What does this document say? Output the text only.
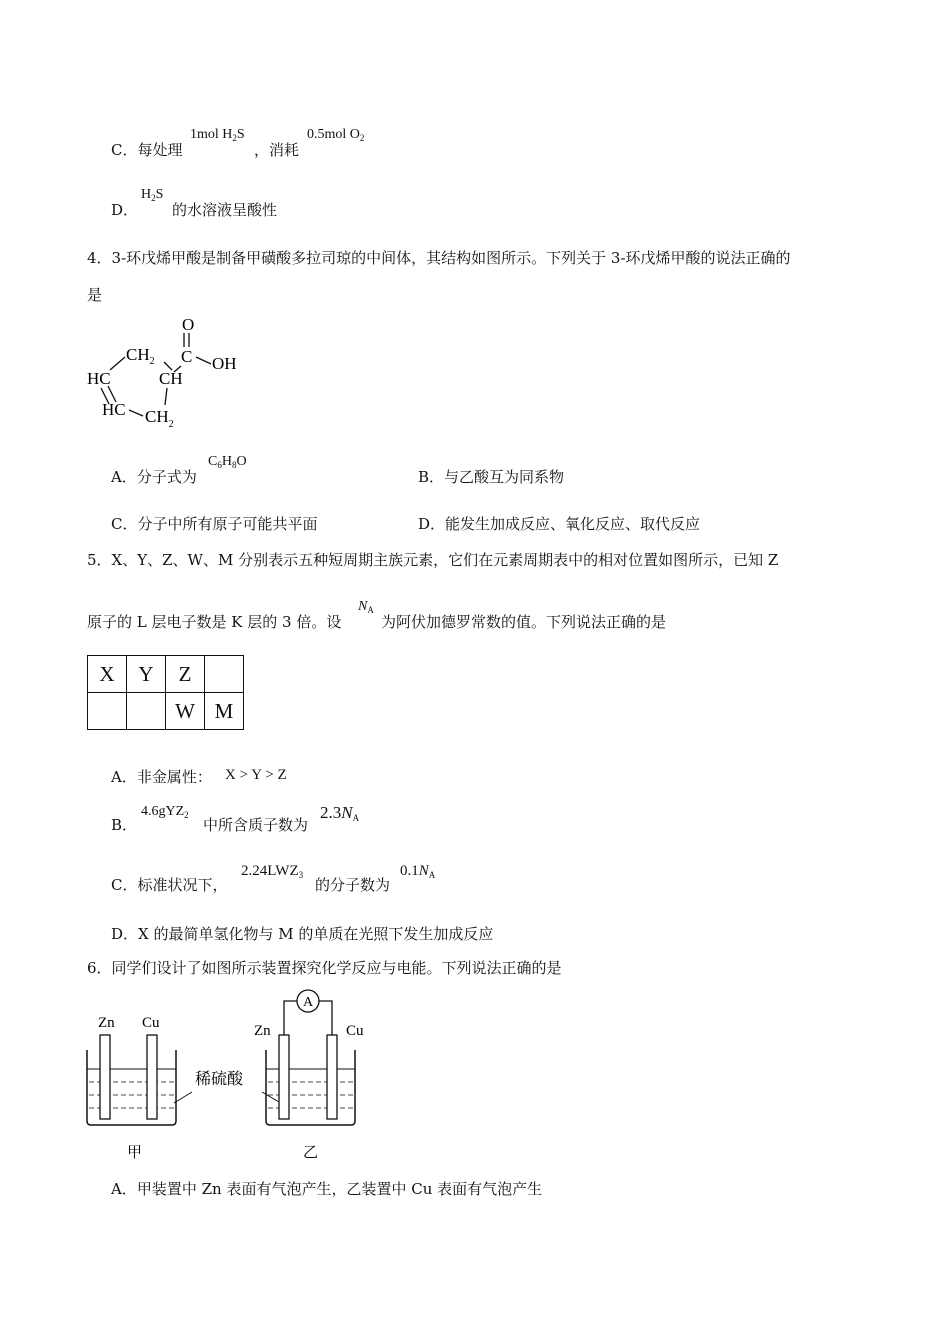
C．每处理
1mol $H_2S$
，消耗
0.5mol $O_2$
D．
$H_2S$
的水溶液呈酸性
4．3-环戊烯甲酸是制备甲磺酸多拉司琼的中间体，其结构如图所示。下列关于 3-环戊烯甲酸的说法正确的
是
O
C OH
$CH_2$
CH
HC
HC $CH_2$
A．分子式为
$C_6H_8O$
B．与乙酸互为同系物
C．分子中所有原子可能共平面	D．能发生加成反应、氧化反应、取代反应
5．X、Y、Z、W、M 分别表示五种短周期主族元素，它们在元素周期表中的相对位置如图所示，已知 Z
原子的 L 层电子数是 K 层的 3 倍。设
$N_A$
为阿伏加德罗常数的值。下列说法正确的是
X	Y	Z	
		W	M
A．非金属性： X > Y > Z
B．
4.6gYZ$_2$
中所含质子数为
$2.3N_A$
C．标准状况下，
$2.24LWZ_3$
的分子数为
$0.1N_A$
D．X 的最简单氢化物与 M 的单质在光照下发生加成反应
6．同学们设计了如图所示装置探究化学反应与电能。下列说法正确的是
Zn Cu
甲
稀硫酸
A
Zn	Cu
乙
A．甲装置中 Zn 表面有气泡产生，乙装置中 Cu 表面有气泡产生
